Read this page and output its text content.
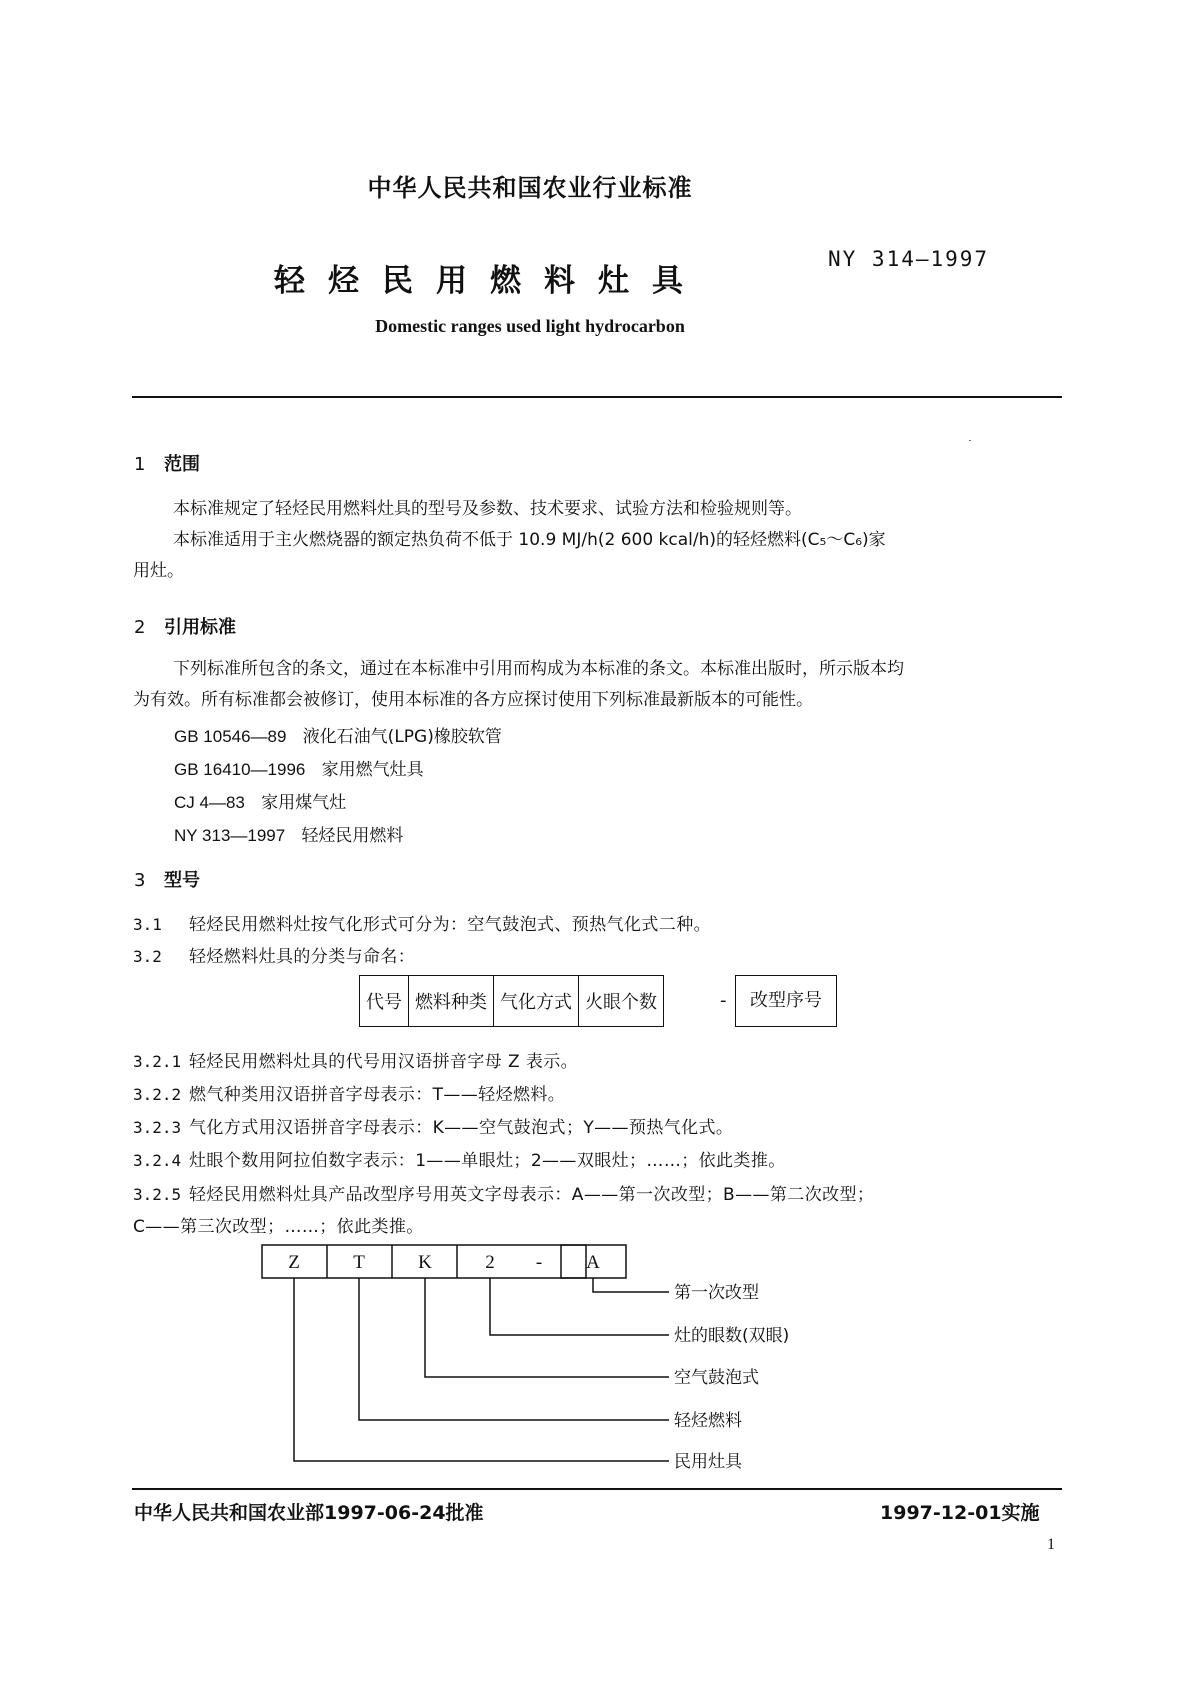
中华人民共和国农业行业标准
轻烃民用燃料灶具
NY 314—1997
Domestic ranges used light hydrocarbon
1 范围
本标准规定了轻烃民用燃料灶具的型号及参数、技术要求、试验方法和检验规则等。
本标准适用于主火燃烧器的额定热负荷不低于 10.9 MJ/h(2 600 kcal/h)的轻烃燃料(C₅～C₆)家
用灶。
2 引用标准
下列标准所包含的条文，通过在本标准中引用而构成为本标准的条文。本标准出版时，所示版本均
为有效。所有标准都会被修订，使用本标准的各方应探讨使用下列标准最新版本的可能性。
GB 10546—89 液化石油气(LPG)橡胶软管
GB 16410—1996 家用燃气灶具
CJ 4—83 家用煤气灶
NY 313—1997 轻烃民用燃料
3 型号
3.1 轻烃民用燃料灶按气化形式可分为：空气鼓泡式、预热气化式二种。
3.2 轻烃燃料灶具的分类与命名：
代号	燃料种类	气化方式	火眼个数	-	改型序号
3.2.1 轻烃民用燃料灶具的代号用汉语拼音字母 Z 表示。
3.2.2 燃气种类用汉语拼音字母表示：T——轻烃燃料。
3.2.3 气化方式用汉语拼音字母表示：K——空气鼓泡式；Y——预热气化式。
3.2.4 灶眼个数用阿拉伯数字表示：1——单眼灶；2——双眼灶；……；依此类推。
3.2.5 轻烃民用燃料灶具产品改型序号用英文字母表示：A——第一次改型；B——第二次改型；
C——第三次改型；……；依此类推。
Z	T	K	2 - A
第一次改型
灶的眼数(双眼)
空气鼓泡式
轻烃燃料
民用灶具
中华人民共和国农业部1997-06-24批准	1997-12-01实施
1
